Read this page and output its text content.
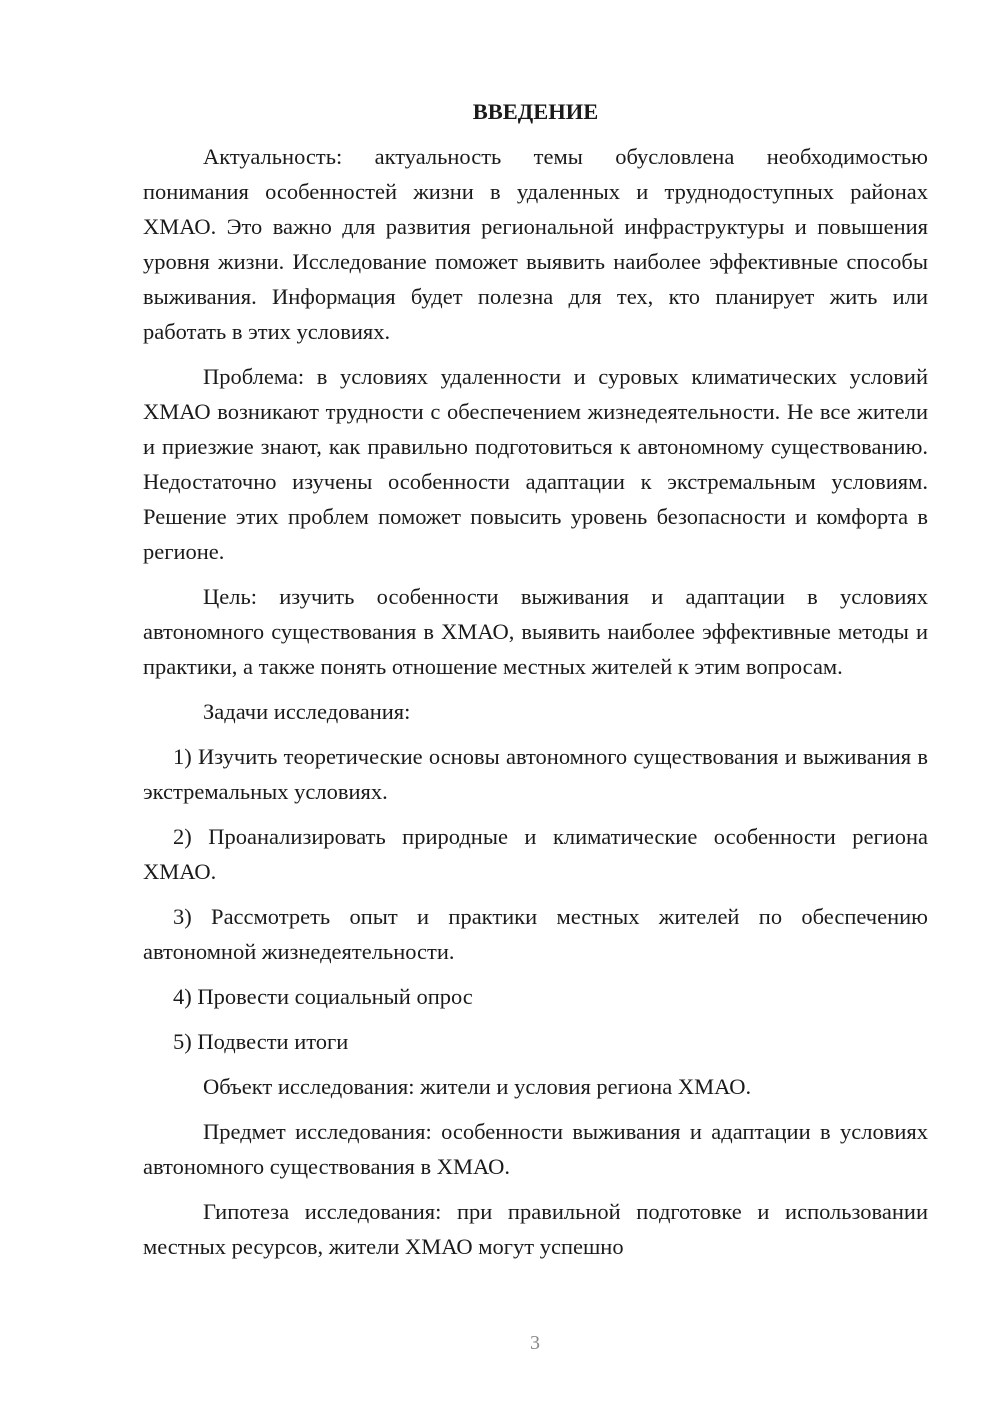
ВВЕДЕНИЕ

Актуальность: актуальность темы обусловлена необходимостью понимания особенностей жизни в удаленных и труднодоступных районах ХМАО. Это важно для развития региональной инфраструктуры и повышения уровня жизни. Исследование поможет выявить наиболее эффективные способы выживания. Информация будет полезна для тех, кто планирует жить или работать в этих условиях.

Проблема: в условиях удаленности и суровых климатических условий ХМАО возникают трудности с обеспечением жизнедеятельности. Не все жители и приезжие знают, как правильно подготовиться к автономному существованию. Недостаточно изучены особенности адаптации к экстремальным условиям. Решение этих проблем поможет повысить уровень безопасности и комфорта в регионе.

Цель: изучить особенности выживания и адаптации в условиях автономного существования в ХМАО, выявить наиболее эффективные методы и практики, а также понять отношение местных жителей к этим вопросам.

Задачи исследования:

1) Изучить теоретические основы автономного существования и выживания в экстремальных условиях.

2) Проанализировать природные и климатические особенности региона ХМАО.

3) Рассмотреть опыт и практики местных жителей по обеспечению автономной жизнедеятельности.

4) Провести социальный опрос

5) Подвести итоги

Объект исследования: жители и условия региона ХМАО.

Предмет исследования: особенности выживания и адаптации в условиях автономного существования в ХМАО.

Гипотеза исследования: при правильной подготовке и использовании местных ресурсов, жители ХМАО могут успешно

3
